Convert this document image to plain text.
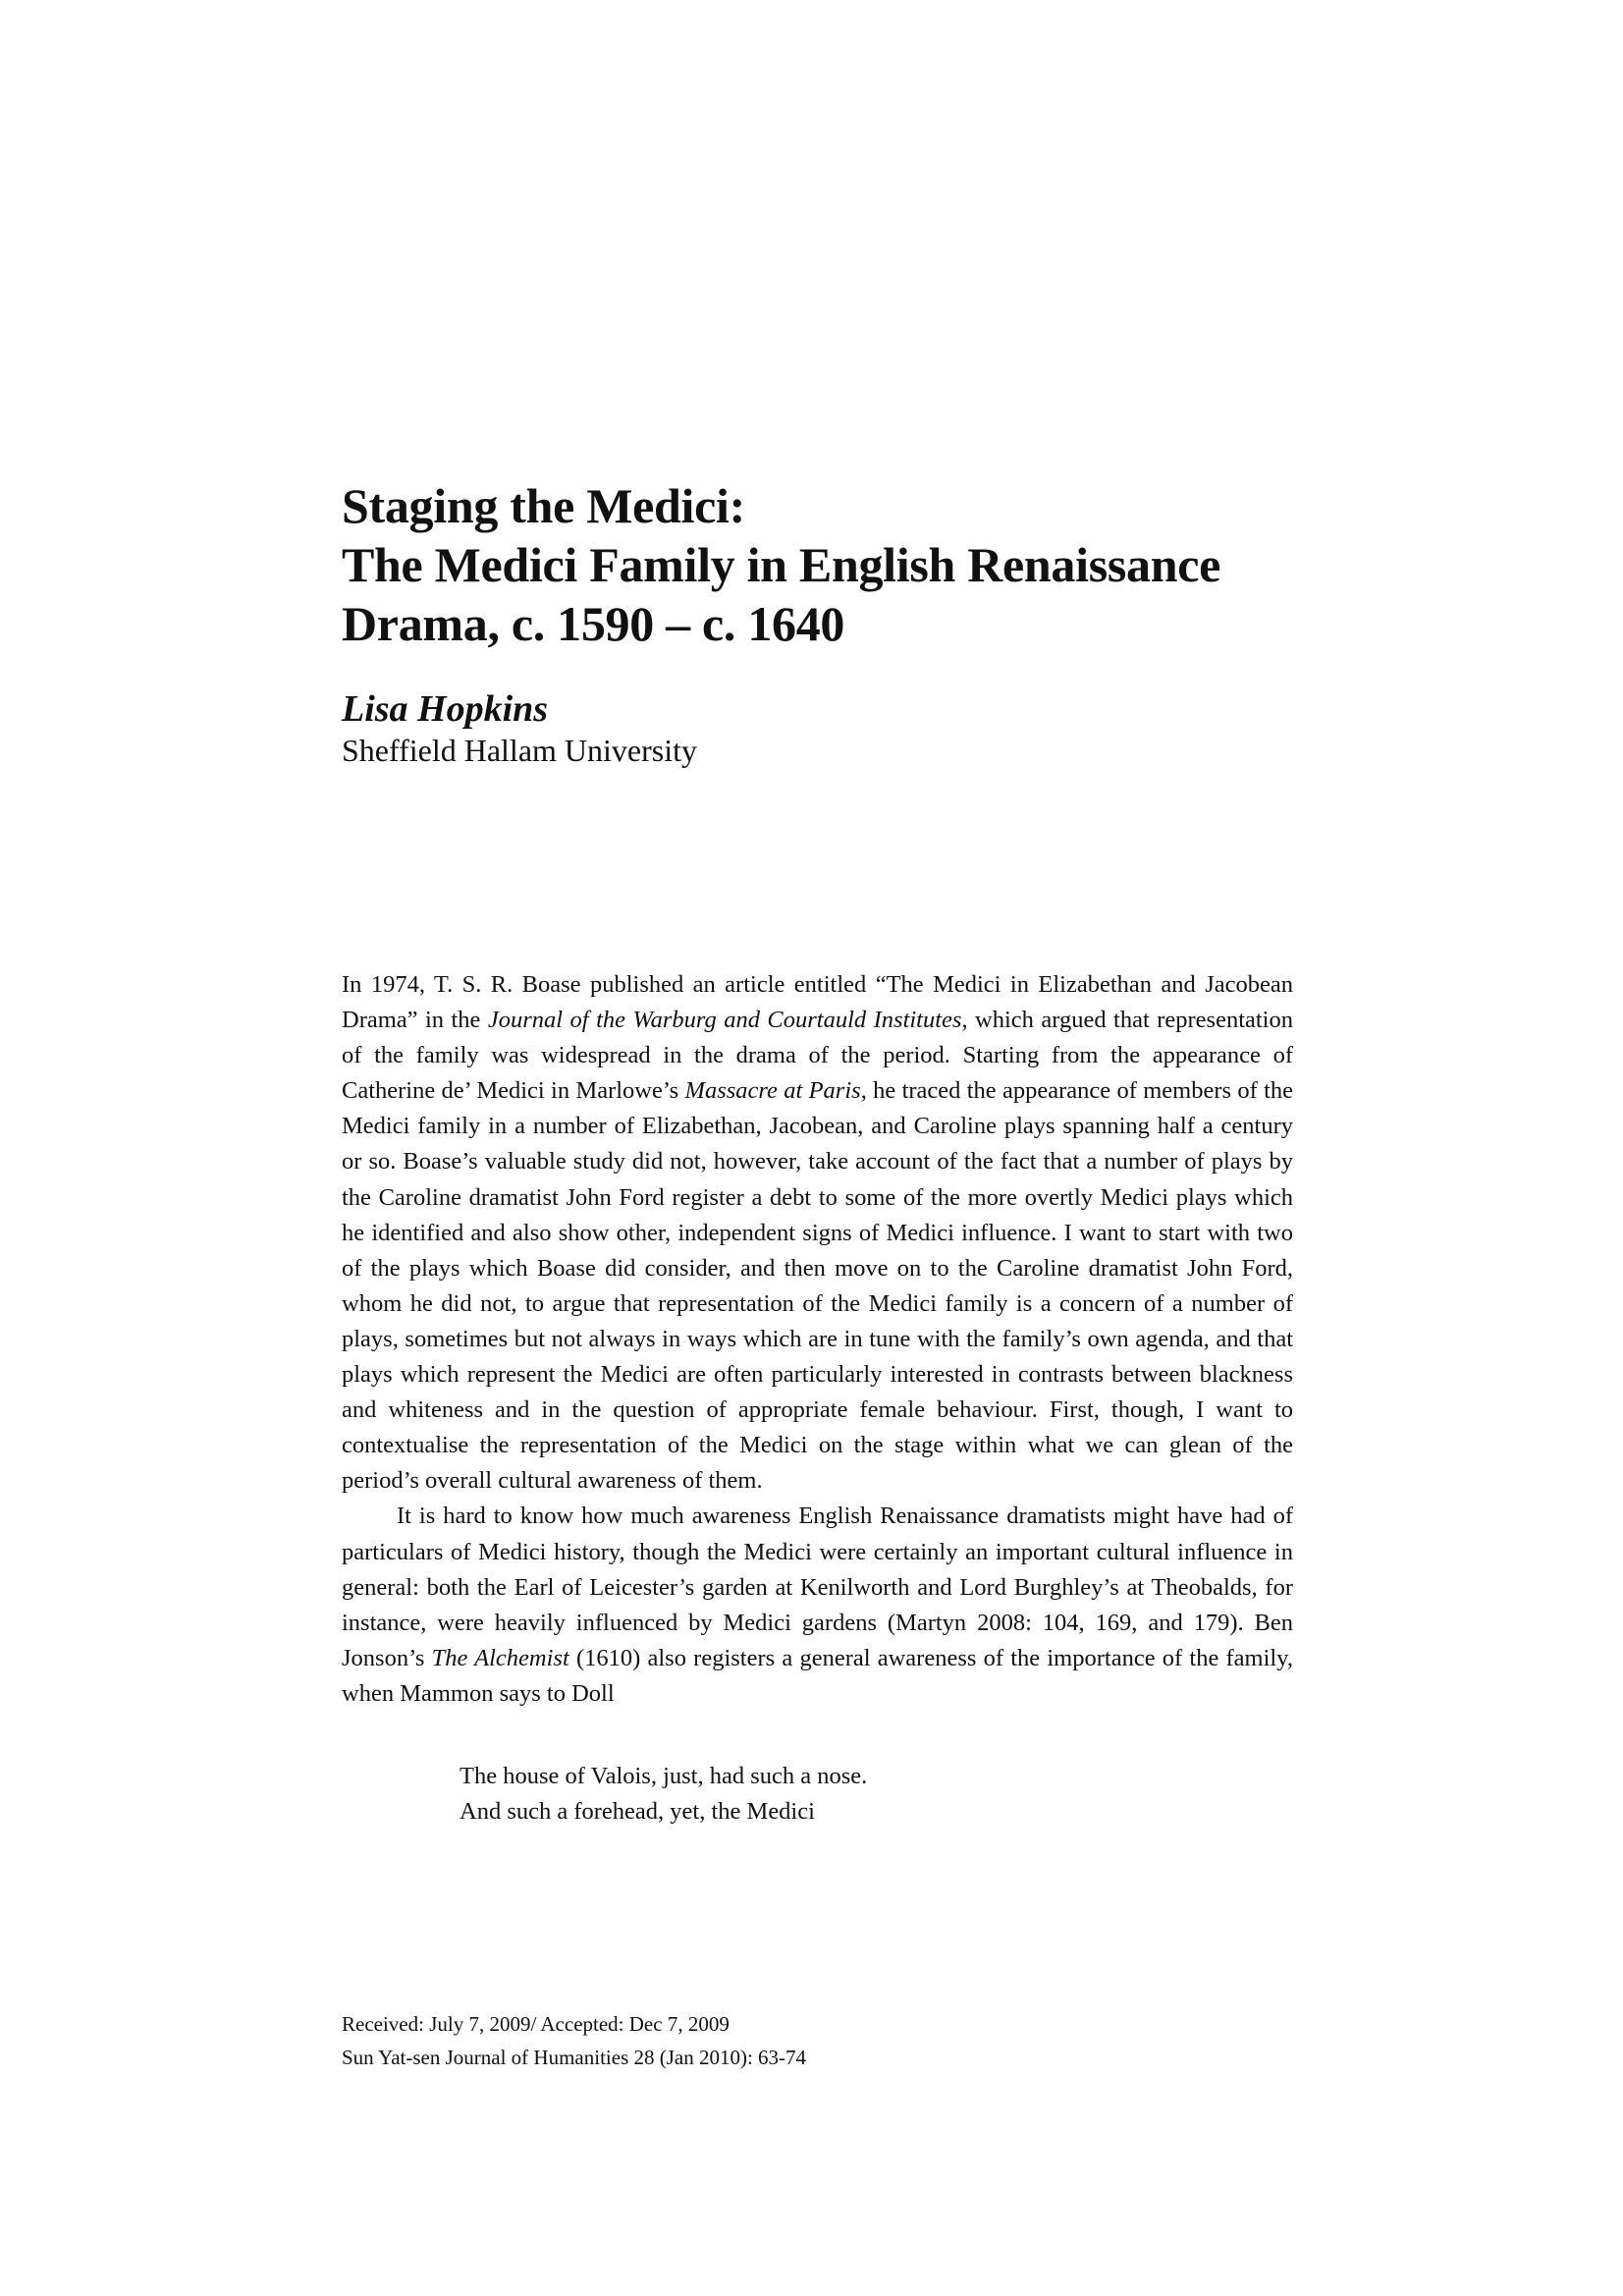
Staging the Medici:
The Medici Family in English Renaissance
Drama, c. 1590 – c. 1640
Lisa Hopkins
Sheffield Hallam University

In 1974, T. S. R. Boase published an article entitled “The Medici in Elizabethan and Jacobean Drama” in the Journal of the Warburg and Courtauld Institutes, which argued that representation of the family was widespread in the drama of the period. Starting from the appearance of Catherine de’ Medici in Marlowe’s Massacre at Paris, he traced the appearance of members of the Medici family in a number of Elizabethan, Jacobean, and Caroline plays spanning half a century or so. Boase’s valuable study did not, however, take account of the fact that a number of plays by the Caroline dramatist John Ford register a debt to some of the more overtly Medici plays which he identified and also show other, independent signs of Medici influence. I want to start with two of the plays which Boase did consider, and then move on to the Caroline dramatist John Ford, whom he did not, to argue that representation of the Medici family is a concern of a number of plays, sometimes but not always in ways which are in tune with the family’s own agenda, and that plays which represent the Medici are often particularly interested in contrasts between blackness and whiteness and in the question of appropriate female behaviour. First, though, I want to contextualise the representation of the Medici on the stage within what we can glean of the period’s overall cultural awareness of them.

It is hard to know how much awareness English Renaissance dramatists might have had of particulars of Medici history, though the Medici were certainly an important cultural influence in general: both the Earl of Leicester’s garden at Kenilworth and Lord Burghley’s at Theobalds, for instance, were heavily influenced by Medici gardens (Martyn 2008: 104, 169, and 179). Ben Jonson’s The Alchemist (1610) also registers a general awareness of the importance of the family, when Mammon says to Doll

The house of Valois, just, had such a nose.
And such a forehead, yet, the Medici
Received: July 7, 2009/ Accepted: Dec 7, 2009
Sun Yat-sen Journal of Humanities 28 (Jan 2010): 63-74
